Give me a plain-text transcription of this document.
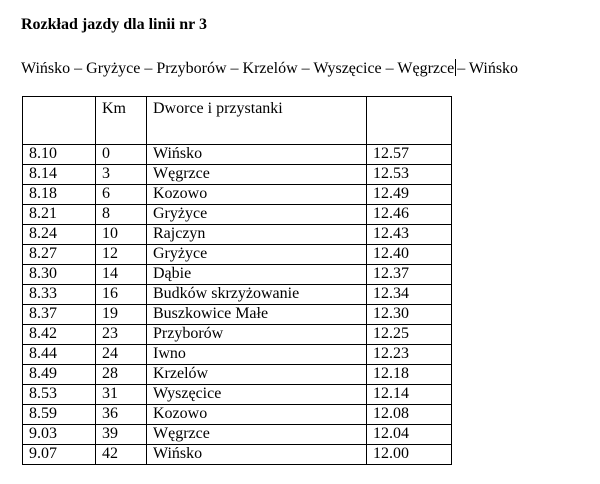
Rozkład jazdy dla linii nr 3
Wińsko – Gryżyce – Przyborów – Krzelów – Wyszęcice – Węgrzce – Wińsko
	Km	Dworce i przystanki	
8.10	0	Wińsko	12.57
8.14	3	Węgrzce	12.53
8.18	6	Kozowo	12.49
8.21	8	Gryżyce	12.46
8.24	10	Rajczyn	12.43
8.27	12	Gryżyce	12.40
8.30	14	Dąbie	12.37
8.33	16	Budków skrzyżowanie	12.34
8.37	19	Buszkowice Małe	12.30
8.42	23	Przyborów	12.25
8.44	24	Iwno	12.23
8.49	28	Krzelów	12.18
8.53	31	Wyszęcice	12.14
8.59	36	Kozowo	12.08
9.03	39	Węgrzce	12.04
9.07	42	Wińsko	12.00
